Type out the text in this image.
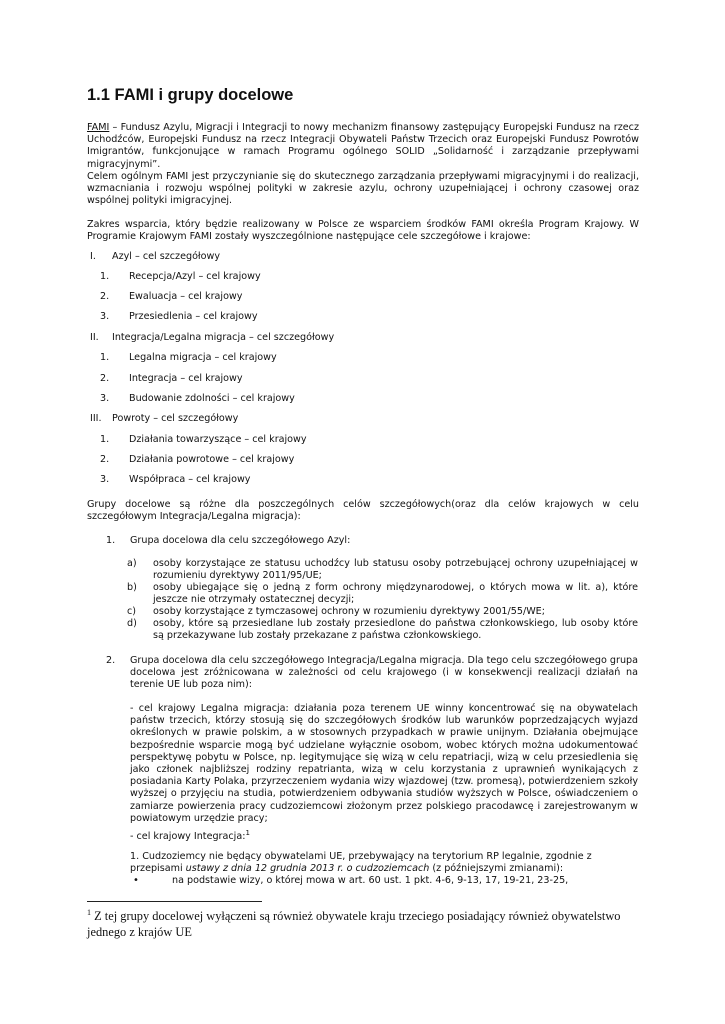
1.1 FAMI i grupy docelowe
FAMI – Fundusz Azylu, Migracji i Integracji to nowy mechanizm finansowy zastępujący Europejski Fundusz na rzecz Uchodźców, Europejski Fundusz na rzecz Integracji Obywateli Państw Trzecich oraz Europejski Fundusz Powrotów Imigrantów, funkcjonujące w ramach Programu ogólnego SOLID „Solidarność i zarządzanie przepływami migracyjnymi”.
Celem ogólnym FAMI jest przyczynianie się do skutecznego zarządzania przepływami migracyjnymi i do realizacji, wzmacniania i rozwoju wspólnej polityki w zakresie azylu, ochrony uzupełniającej i ochrony czasowej oraz wspólnej polityki imigracyjnej.
Zakres wsparcia, który będzie realizowany w Polsce ze wsparciem środków FAMI określa Program Krajowy. W Programie Krajowym FAMI zostały wyszczególnione następujące cele szczegółowe i krajowe:
I. Azyl – cel szczegółowy
1. Recepcja/Azyl – cel krajowy
2. Ewaluacja – cel krajowy
3. Przesiedlenia – cel krajowy
II. Integracja/Legalna migracja – cel szczegółowy
1. Legalna migracja – cel krajowy
2. Integracja – cel krajowy
3. Budowanie zdolności – cel krajowy
III. Powroty – cel szczegółowy
1. Działania towarzyszące – cel krajowy
2. Działania powrotowe – cel krajowy
3. Współpraca – cel krajowy
Grupy docelowe są różne dla poszczególnych celów szczegółowych(oraz dla celów krajowych w celu szczegółowym Integracja/Legalna migracja):
1. Grupa docelowa dla celu szczegółowego Azyl:
a) osoby korzystające ze statusu uchodźcy lub statusu osoby potrzebującej ochrony uzupełniającej w rozumieniu dyrektywy 2011/95/UE;
b) osoby ubiegające się o jedną z form ochrony międzynarodowej, o których mowa w lit. a), które jeszcze nie otrzymały ostatecznej decyzji;
c) osoby korzystające z tymczasowej ochrony w rozumieniu dyrektywy 2001/55/WE;
d) osoby, które są przesiedlane lub zostały przesiedlone do państwa członkowskiego, lub osoby które są przekazywane lub zostały przekazane z państwa członkowskiego.
2. Grupa docelowa dla celu szczegółowego Integracja/Legalna migracja. Dla tego celu szczegółowego grupa docelowa jest zróżnicowana w zależności od celu krajowego (i w konsekwencji realizacji działań na terenie UE lub poza nim):
- cel krajowy Legalna migracja: działania poza terenem UE winny koncentrować się na obywatelach państw trzecich, którzy stosują się do szczegółowych środków lub warunków poprzedzających wyjazd określonych w prawie polskim, a w stosownych przypadkach w prawie unijnym. Działania obejmujące bezpośrednie wsparcie mogą być udzielane wyłącznie osobom, wobec których można udokumentować perspektywę pobytu w Polsce, np. legitymujące się wizą w celu repatriacji, wizą w celu przesiedlenia się jako członek najbliższej rodziny repatrianta, wizą w celu korzystania z uprawnień wynikających z posiadania Karty Polaka, przyrzeczeniem wydania wizy wjazdowej (tzw. promesą), potwierdzeniem szkoły wyższej o przyjęciu na studia, potwierdzeniem odbywania studiów wyższych w Polsce, oświadczeniem o zamiarze powierzenia pracy cudzoziemcowi złożonym przez polskiego pracodawcę i zarejestrowanym w powiatowym urzędzie pracy;
- cel krajowy Integracja:$^1$
1. Cudzoziemcy nie będący obywatelami UE, przebywający na terytorium RP legalnie, zgodnie z przepisami ustawy z dnia 12 grudnia 2013 r. o cudzoziemcach (z późniejszymi zmianami):
•	na podstawie wizy, o której mowa w art. 60 ust. 1 pkt. 4-6, 9-13, 17, 19-21, 23-25,
$^1$ Z tej grupy docelowej wyłączeni są również obywatele kraju trzeciego posiadający również obywatelstwo jednego z krajów UE
